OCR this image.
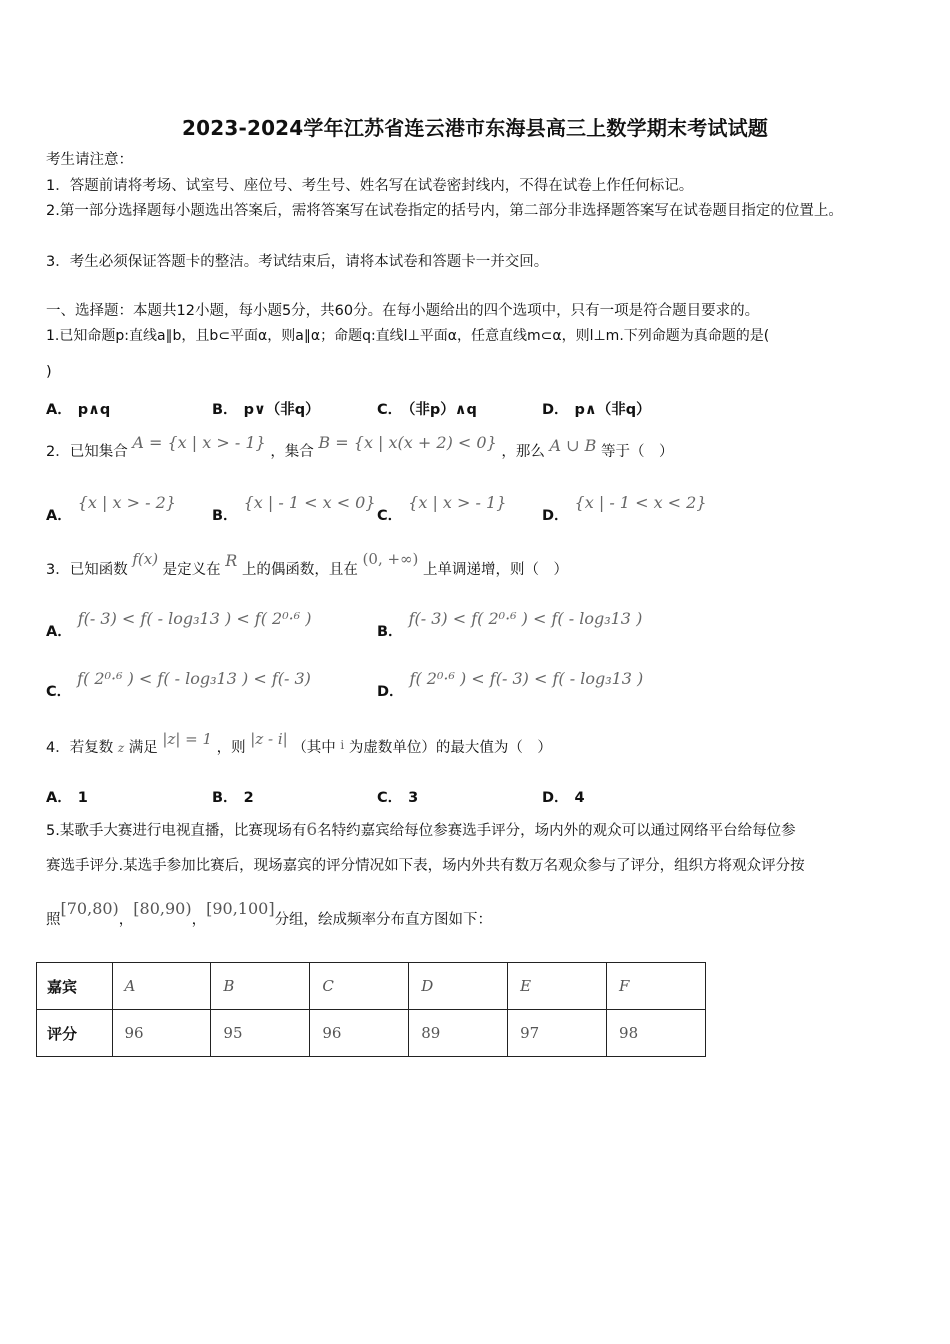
2023-2024学年江苏省连云港市东海县高三上数学期末考试试题
考生请注意：
1．答题前请将考场、试室号、座位号、考生号、姓名写在试卷密封线内，不得在试卷上作任何标记。
2.第一部分选择题每小题选出答案后，需将答案写在试卷指定的括号内，第二部分非选择题答案写在试卷题目指定的位置上。
3．考生必须保证答题卡的整洁。考试结束后，请将本试卷和答题卡一并交回。
一、选择题：本题共12小题，每小题5分，共60分。在每小题给出的四个选项中，只有一项是符合题目要求的。
1.已知命题p:直线a∥b，且b⊂平面α，则a∥α；命题q:直线l⊥平面α，任意直线m⊂α，则l⊥m.下列命题为真命题的是(
)
A． p∧q	B． p∨（非q）	C． （非p）∧q	D． p∧（非q）
2．已知集合 A = {x | x > - 1} ，集合 B = {x | x(x + 2) < 0} ，那么 A ∪ B 等于（　）
A．{x | x > - 2}
B．{x | - 1 < x < 0}
C．{x | x > - 1}
D．{x | - 1 < x < 2}
3．已知函数 f(x) 是定义在 R 上的偶函数，且在 (0, +∞) 上单调递增，则（　）
A．f(- 3) < f( - log₃13 ) < f( 2⁰·⁶ )
B．f(- 3) < f( 2⁰·⁶ ) < f( - log₃13 )
C．f( 2⁰·⁶ ) < f( - log₃13 ) < f(- 3)
D．f( 2⁰·⁶ ) < f(- 3) < f( - log₃13 )
4．若复数 z 满足 |z| = 1 ，则 |z - i| （其中 $^i$ 为虚数单位）的最大值为（　）
A． 1	B． 2	C． 3	D． 4
5.某歌手大赛进行电视直播，比赛现场有6名特约嘉宾给每位参赛选手评分，场内外的观众可以通过网络平台给每位参
赛选手评分.某选手参加比赛后，现场嘉宾的评分情况如下表，场内外共有数万名观众参与了评分，组织方将观众评分按
照[70,80)，[80,90)，[90,100]分组，绘成频率分布直方图如下：
嘉宾	A	B	C	D	E	F
评分	96	95	96	89	97	98
